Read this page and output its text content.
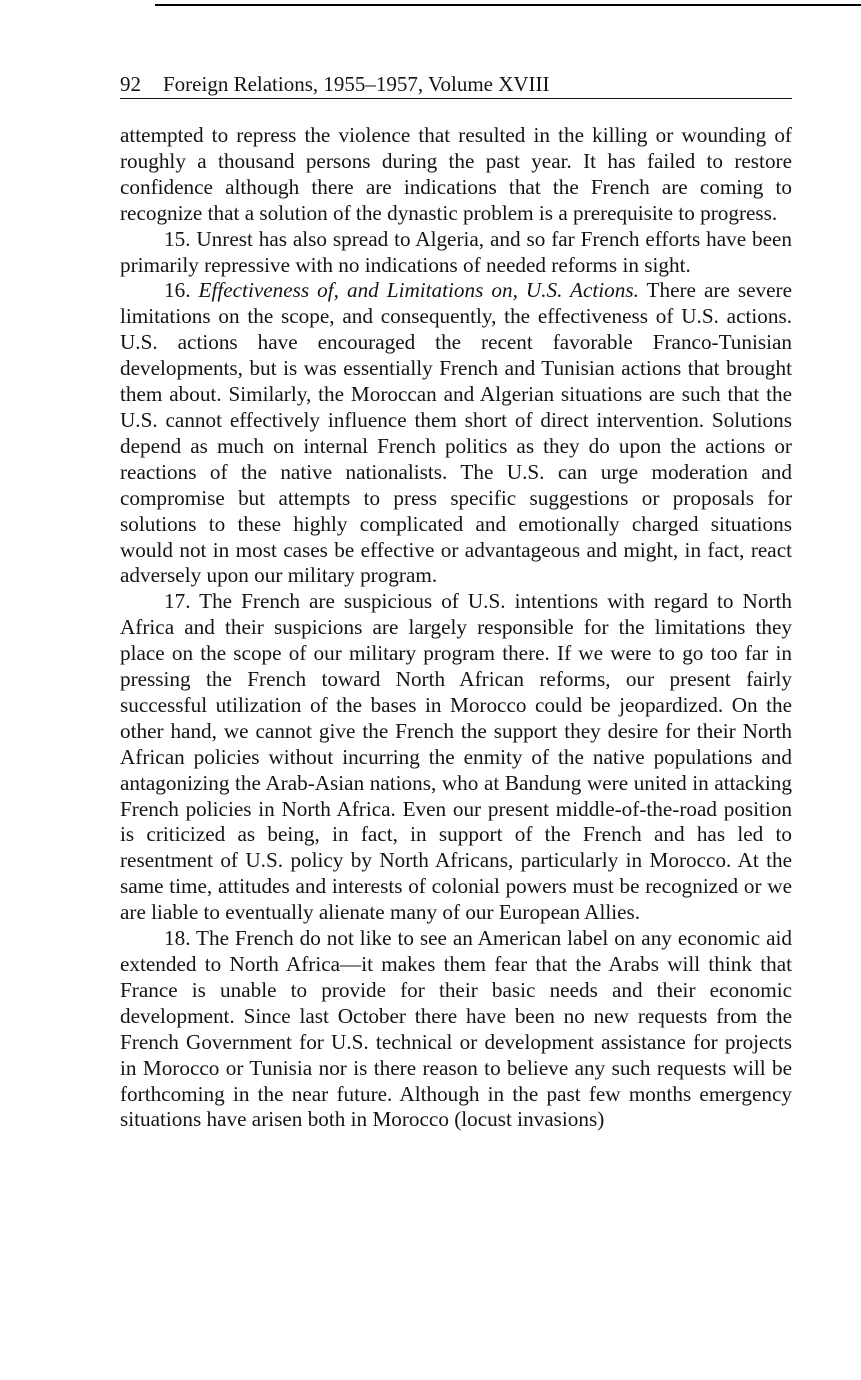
92 Foreign Relations, 1955–1957, Volume XVIII

attempted to repress the violence that resulted in the killing or wounding of roughly a thousand persons during the past year. It has failed to restore confidence although there are indications that the French are coming to recognize that a solution of the dynastic problem is a prerequisite to progress.

15. Unrest has also spread to Algeria, and so far French efforts have been primarily repressive with no indications of needed reforms in sight.

16. Effectiveness of, and Limitations on, U.S. Actions. There are severe limitations on the scope, and consequently, the effectiveness of U.S. actions. U.S. actions have encouraged the recent favorable Franco-Tunisian developments, but is was essentially French and Tunisian actions that brought them about. Similarly, the Moroccan and Algerian situations are such that the U.S. cannot effectively influence them short of direct intervention. Solutions depend as much on internal French politics as they do upon the actions or reactions of the native nationalists. The U.S. can urge moderation and compromise but attempts to press specific suggestions or proposals for solutions to these highly complicated and emotionally charged situations would not in most cases be effective or advantageous and might, in fact, react adversely upon our military program.

17. The French are suspicious of U.S. intentions with regard to North Africa and their suspicions are largely responsible for the limitations they place on the scope of our military program there. If we were to go too far in pressing the French toward North African reforms, our present fairly successful utilization of the bases in Morocco could be jeopardized. On the other hand, we cannot give the French the support they desire for their North African policies without incurring the enmity of the native populations and antagonizing the Arab-Asian nations, who at Bandung were united in attacking French policies in North Africa. Even our present middle-of-the-road position is criticized as being, in fact, in support of the French and has led to resentment of U.S. policy by North Africans, particularly in Morocco. At the same time, attitudes and interests of colonial powers must be recognized or we are liable to eventually alienate many of our European Allies.

18. The French do not like to see an American label on any economic aid extended to North Africa—it makes them fear that the Arabs will think that France is unable to provide for their basic needs and their economic development. Since last October there have been no new requests from the French Government for U.S. technical or development assistance for projects in Morocco or Tunisia nor is there reason to believe any such requests will be forthcoming in the near future. Although in the past few months emergency situations have arisen both in Morocco (locust invasions)
